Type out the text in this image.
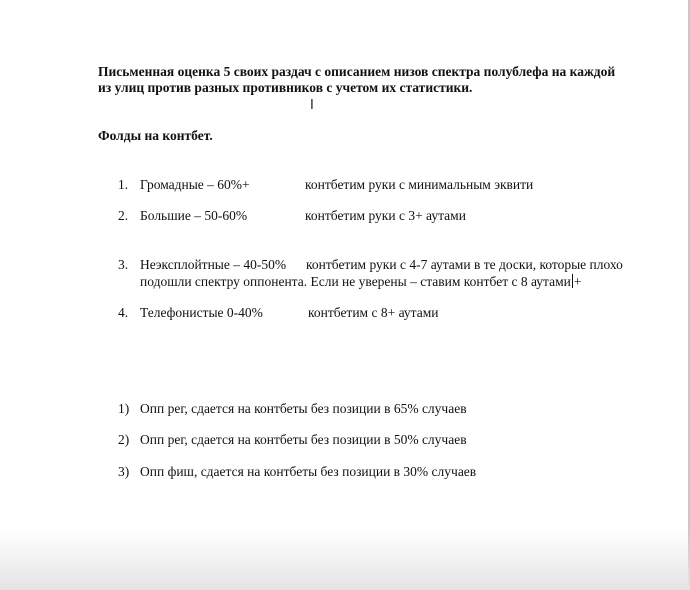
Письменная оценка 5 своих раздач с описанием низов спектра полублефа на каждой
из улиц против разных противников с учетом их статистики.
I
Фолды на контбет.
1. Громадные – 60%+	контбетим руки с минимальным эквити
2. Большие – 50-60%	контбетим руки с 3+ аутами
3. Неэксплойтные – 40-50% контбетим руки с 4-7 аутами в те доски, которые плохо
подошли спектру оппонента. Если не уверены – ставим контбет с 8 аутами +
4. Телефонистые 0-40%	контбетим с 8+ аутами
1) Опп рег, сдается на контбеты без позиции в 65% случаев
2) Опп рег, сдается на контбеты без позиции в 50% случаев
3) Опп фиш, сдается на контбеты без позиции в 30% случаев
